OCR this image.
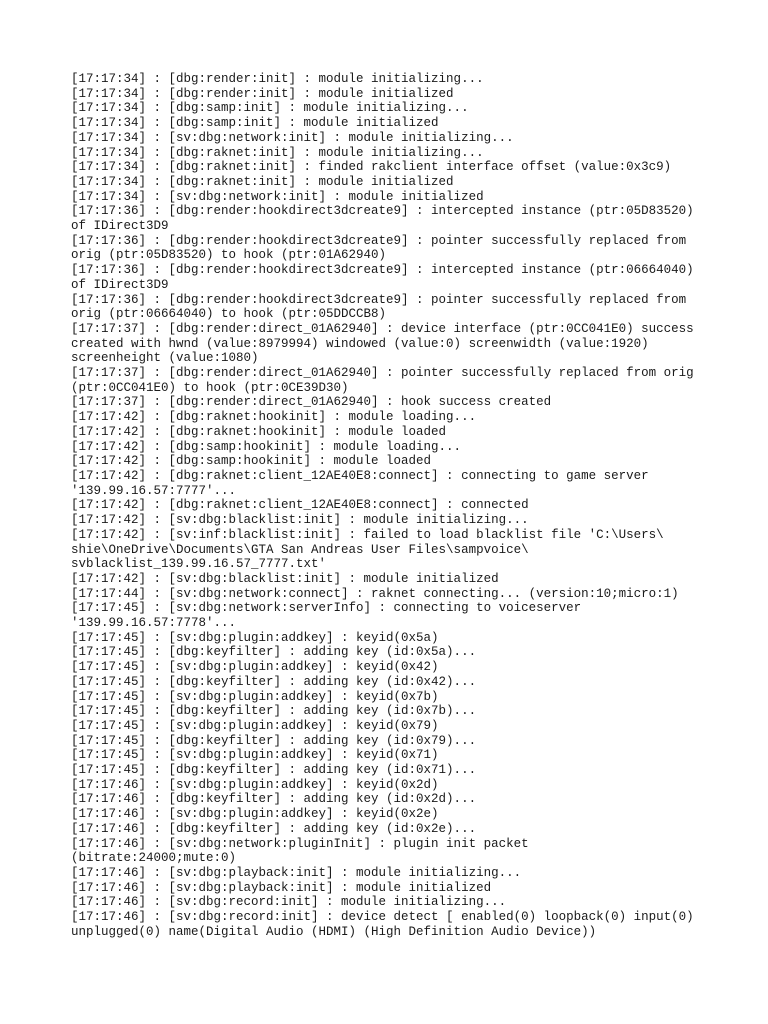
[17:17:34] : [dbg:render:init] : module initializing...
[17:17:34] : [dbg:render:init] : module initialized
[17:17:34] : [dbg:samp:init] : module initializing...
[17:17:34] : [dbg:samp:init] : module initialized
[17:17:34] : [sv:dbg:network:init] : module initializing...
[17:17:34] : [dbg:raknet:init] : module initializing...
[17:17:34] : [dbg:raknet:init] : finded rakclient interface offset (value:0x3c9)
[17:17:34] : [dbg:raknet:init] : module initialized
[17:17:34] : [sv:dbg:network:init] : module initialized
[17:17:36] : [dbg:render:hookdirect3dcreate9] : intercepted instance (ptr:05D83520)
of IDirect3D9
[17:17:36] : [dbg:render:hookdirect3dcreate9] : pointer successfully replaced from
orig (ptr:05D83520) to hook (ptr:01A62940)
[17:17:36] : [dbg:render:hookdirect3dcreate9] : intercepted instance (ptr:06664040)
of IDirect3D9
[17:17:36] : [dbg:render:hookdirect3dcreate9] : pointer successfully replaced from
orig (ptr:06664040) to hook (ptr:05DDCCB8)
[17:17:37] : [dbg:render:direct_01A62940] : device interface (ptr:0CC041E0) success
created with hwnd (value:8979994) windowed (value:0) screenwidth (value:1920)
screenheight (value:1080)
[17:17:37] : [dbg:render:direct_01A62940] : pointer successfully replaced from orig
(ptr:0CC041E0) to hook (ptr:0CE39D30)
[17:17:37] : [dbg:render:direct_01A62940] : hook success created
[17:17:42] : [dbg:raknet:hookinit] : module loading...
[17:17:42] : [dbg:raknet:hookinit] : module loaded
[17:17:42] : [dbg:samp:hookinit] : module loading...
[17:17:42] : [dbg:samp:hookinit] : module loaded
[17:17:42] : [dbg:raknet:client_12AE40E8:connect] : connecting to game server
'139.99.16.57:7777'...
[17:17:42] : [dbg:raknet:client_12AE40E8:connect] : connected
[17:17:42] : [sv:dbg:blacklist:init] : module initializing...
[17:17:42] : [sv:inf:blacklist:init] : failed to load blacklist file 'C:\Users\
shie\OneDrive\Documents\GTA San Andreas User Files\sampvoice\
svblacklist_139.99.16.57_7777.txt'
[17:17:42] : [sv:dbg:blacklist:init] : module initialized
[17:17:44] : [sv:dbg:network:connect] : raknet connecting... (version:10;micro:1)
[17:17:45] : [sv:dbg:network:serverInfo] : connecting to voiceserver
'139.99.16.57:7778'...
[17:17:45] : [sv:dbg:plugin:addkey] : keyid(0x5a)
[17:17:45] : [dbg:keyfilter] : adding key (id:0x5a)...
[17:17:45] : [sv:dbg:plugin:addkey] : keyid(0x42)
[17:17:45] : [dbg:keyfilter] : adding key (id:0x42)...
[17:17:45] : [sv:dbg:plugin:addkey] : keyid(0x7b)
[17:17:45] : [dbg:keyfilter] : adding key (id:0x7b)...
[17:17:45] : [sv:dbg:plugin:addkey] : keyid(0x79)
[17:17:45] : [dbg:keyfilter] : adding key (id:0x79)...
[17:17:45] : [sv:dbg:plugin:addkey] : keyid(0x71)
[17:17:45] : [dbg:keyfilter] : adding key (id:0x71)...
[17:17:46] : [sv:dbg:plugin:addkey] : keyid(0x2d)
[17:17:46] : [dbg:keyfilter] : adding key (id:0x2d)...
[17:17:46] : [sv:dbg:plugin:addkey] : keyid(0x2e)
[17:17:46] : [dbg:keyfilter] : adding key (id:0x2e)...
[17:17:46] : [sv:dbg:network:pluginInit] : plugin init packet
(bitrate:24000;mute:0)
[17:17:46] : [sv:dbg:playback:init] : module initializing...
[17:17:46] : [sv:dbg:playback:init] : module initialized
[17:17:46] : [sv:dbg:record:init] : module initializing...
[17:17:46] : [sv:dbg:record:init] : device detect [ enabled(0) loopback(0) input(0)
unplugged(0) name(Digital Audio (HDMI) (High Definition Audio Device))
